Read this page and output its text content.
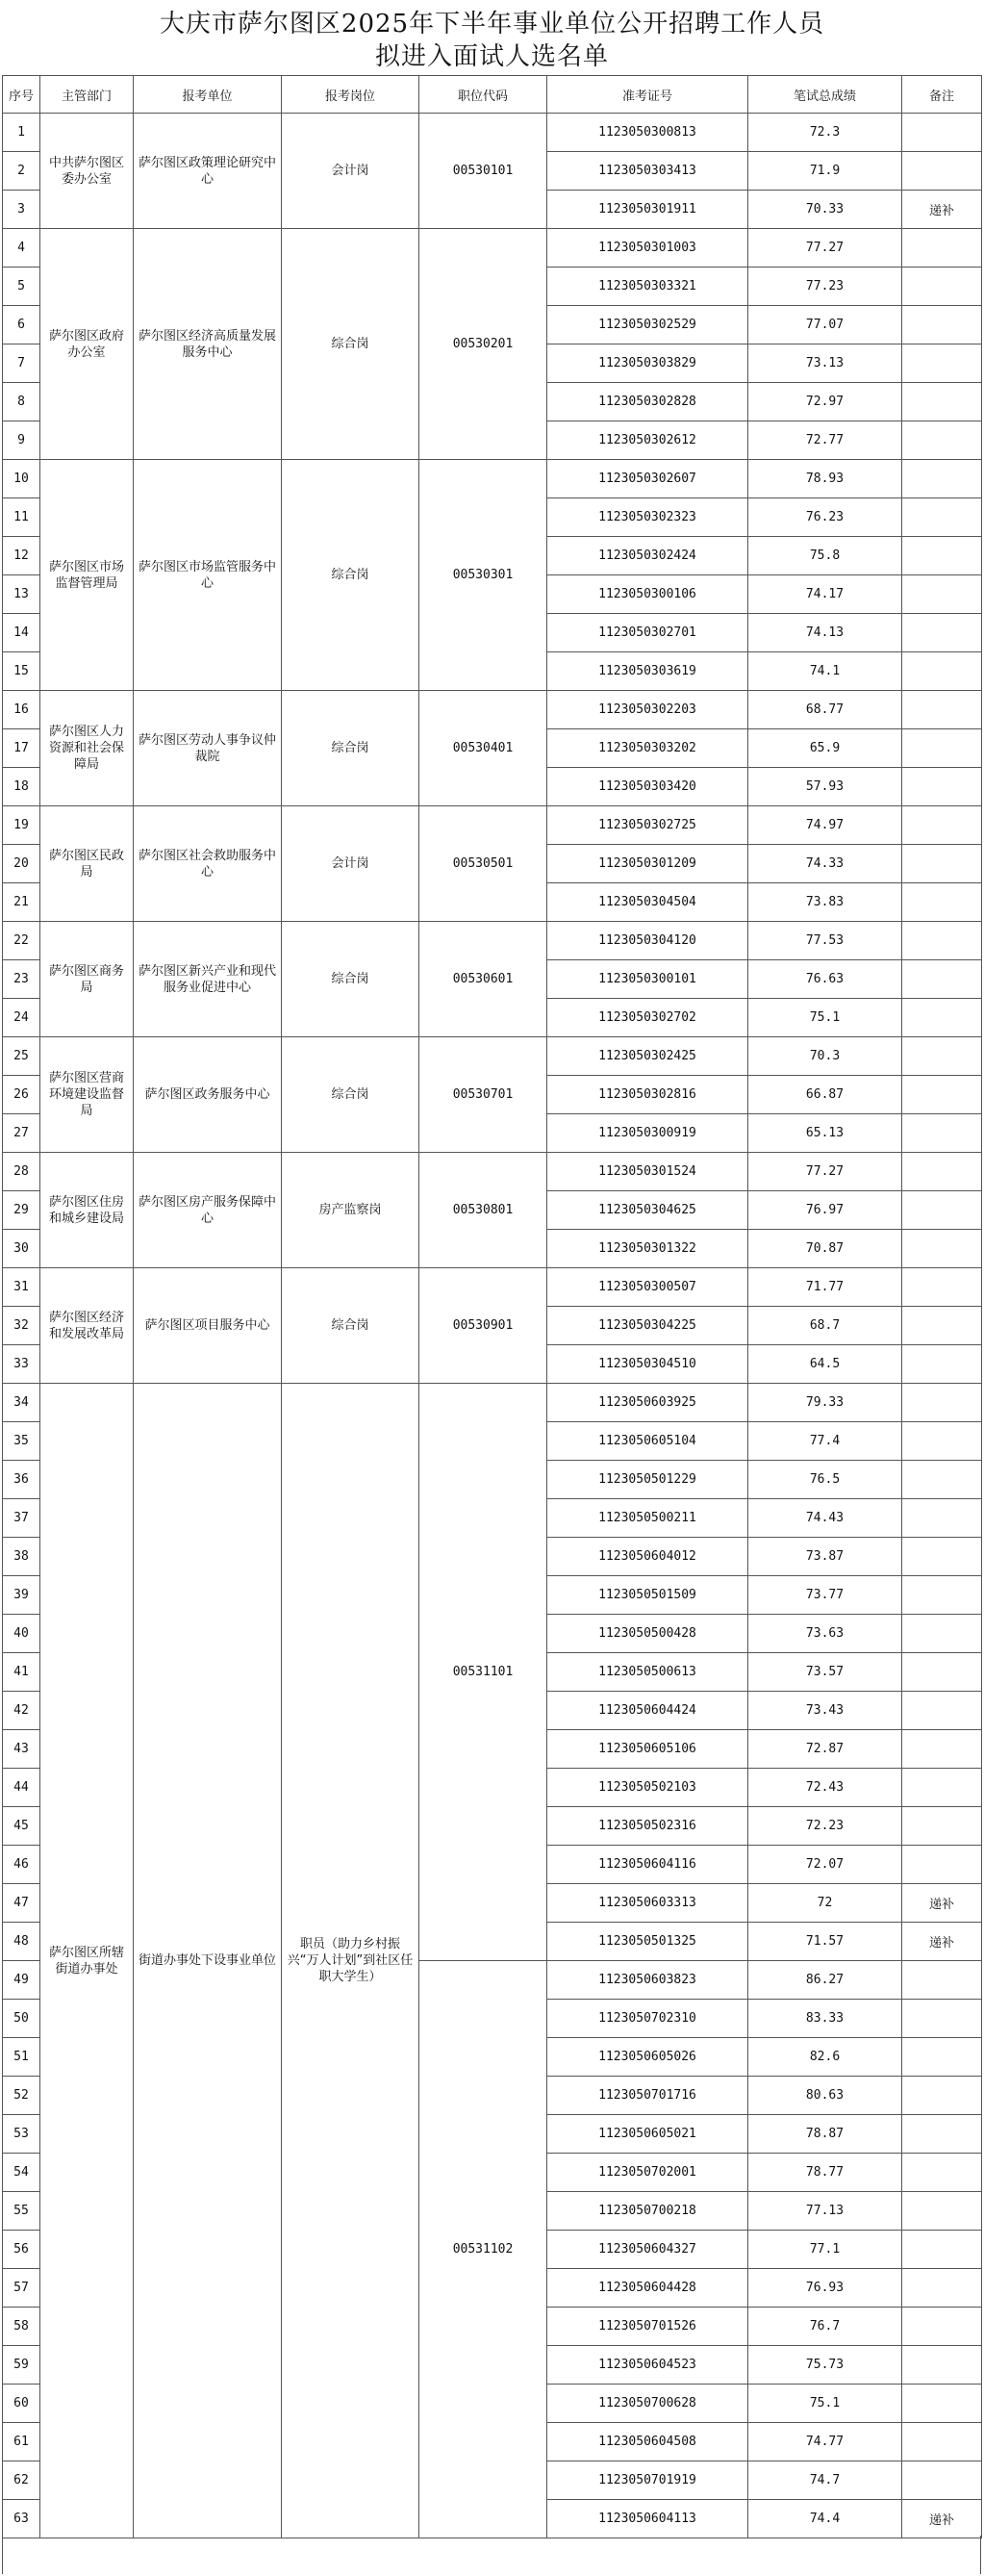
大庆市萨尔图区2025年下半年事业单位公开招聘工作人员
拟进入面试人选名单
序号	主管部门	报考单位	报考岗位	职位代码	准考证号	笔试总成绩	备注
1	中共萨尔图区委办公室	萨尔图区政策理论研究中心	会计岗	00530101	1123050300813	72.3	
2					1123050303413	71.9	
3					1123050301911	70.33	递补
4	萨尔图区政府办公室	萨尔图区经济高质量发展服务中心	综合岗	00530201	1123050301003	77.27	
5					1123050303321	77.23	
6					1123050302529	77.07	
7					1123050303829	73.13	
8					1123050302828	72.97	
9					1123050302612	72.77	
10	萨尔图区市场监督管理局	萨尔图区市场监管服务中心	综合岗	00530301	1123050302607	78.93	
11					1123050302323	76.23	
12					1123050302424	75.8	
13					1123050300106	74.17	
14					1123050302701	74.13	
15					1123050303619	74.1	
16	萨尔图区人力资源和社会保障局	萨尔图区劳动人事争议仲裁院	综合岗	00530401	1123050302203	68.77	
17					1123050303202	65.9	
18					1123050303420	57.93	
19	萨尔图区民政局	萨尔图区社会救助服务中心	会计岗	00530501	1123050302725	74.97	
20					1123050301209	74.33	
21					1123050304504	73.83	
22	萨尔图区商务局	萨尔图区新兴产业和现代服务业促进中心	综合岗	00530601	1123050304120	77.53	
23					1123050300101	76.63	
24					1123050302702	75.1	
25	萨尔图区营商环境建设监督局	萨尔图区政务服务中心	综合岗	00530701	1123050302425	70.3	
26					1123050302816	66.87	
27					1123050300919	65.13	
28	萨尔图区住房和城乡建设局	萨尔图区房产服务保障中心	房产监察岗	00530801	1123050301524	77.27	
29					1123050304625	76.97	
30					1123050301322	70.87	
31	萨尔图区经济和发展改革局	萨尔图区项目服务中心	综合岗	00530901	1123050300507	71.77	
32					1123050304225	68.7	
33					1123050304510	64.5	
34	萨尔图区所辖街道办事处	街道办事处下设事业单位	职员（助力乡村振兴“万人计划”到社区任职大学生）	00531101	1123050603925	79.33	
35					1123050605104	77.4	
36					1123050501229	76.5	
37					1123050500211	74.43	
38					1123050604012	73.87	
39					1123050501509	73.77	
40					1123050500428	73.63	
41					1123050500613	73.57	
42					1123050604424	73.43	
43					1123050605106	72.87	
44					1123050502103	72.43	
45					1123050502316	72.23	
46					1123050604116	72.07	
47					1123050603313	72	递补
48					1123050501325	71.57	递补
49				00531102	1123050603823	86.27	
50					1123050702310	83.33	
51					1123050605026	82.6	
52					1123050701716	80.63	
53					1123050605021	78.87	
54					1123050702001	78.77	
55					1123050700218	77.13	
56					1123050604327	77.1	
57					1123050604428	76.93	
58					1123050701526	76.7	
59					1123050604523	75.73	
60					1123050700628	75.1	
61					1123050604508	74.77	
62					1123050701919	74.7	
63					1123050604113	74.4	递补
